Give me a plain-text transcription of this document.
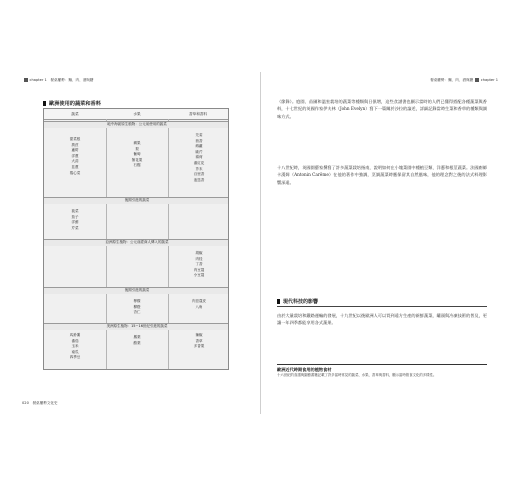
chapter 1　餐桌權勢：麵、肉、酒與糖
歐洲使用的蔬菜和香料
蔬菜	水果	香草和香料
地中海區原生植物：公元前使用的蔬菜
甜菜根
萵苣
蘆筍
洋蔥
大蒜
韭蔥
捲心菜
蘋果
梨
葡萄
無花果
石榴
芫荽
茴香
蒔蘿
歐芹
薄荷
番紅花
芥末
百里香
迷迭香
後期引進的蔬菜
菠菜
茄子
洋薊
芹菜
亞洲原生植物：公元前經商人傳入的蔬菜
胡椒
肉桂
丁香
肉豆蔻
小豆蔻
後期引進的蔬菜
檸檬
柳橙
杏仁
肉荳蔻皮
八角
美洲原生植物：15~16世紀引進的蔬菜
馬鈴薯
番茄
玉米
南瓜
四季豆
鳳梨
酪梨
辣椒
香草
多香果
020　餐桌權勢文化史
餐桌權勢：麵、肉、酒與糖 chapter 1
（節錄）。庭園、苗圃和溫室栽培的蔬菜等種類與日俱增，這些食譜書也顯示當時的人們已懂得搭配各種蔬菜與香料，十七世紀的英國作家伊夫林（John Evelyn）寫下一篇關於沙拉的論述，詳細記錄當時生菜和香草的種類與調味方式。
十八世紀時，英國園藝家撰寫了許多蔬菜栽培指南，說明如何在小塊菜園中種植豆類、洋蔥和根莖蔬菜。法國廚師卡漢姆（Antonin Carême）在他的著作中強調，烹調蔬菜時應保留其自然風味，他的理念對之後的法式料理影響深遠。
現代科技的影響
由於大量栽培和鐵路運輸的發展，十九世紀以後歐洲人可以買到遠方生產的新鮮蔬菜，罐頭與冷凍技術的普及，更讓一年四季都能享用各式蔬果。
歐洲近代時期食用的植物食材
十六世紀的食譜與園藝書籍記載了許多當時常見的蔬菜、水果、香草與香料，顯示當時飲食文化的多樣性。
